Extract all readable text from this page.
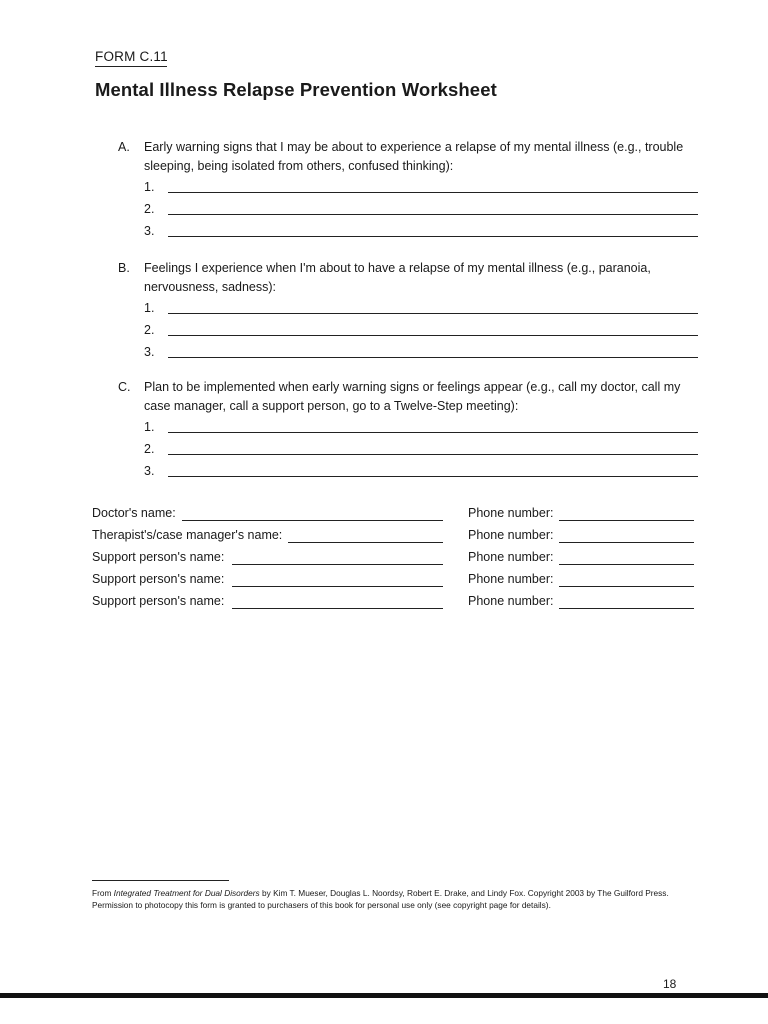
FORM C.11
Mental Illness Relapse Prevention Worksheet
A. Early warning signs that I may be about to experience a relapse of my mental illness (e.g., trouble sleeping, being isolated from others, confused thinking):
1.
2.
3.
B. Feelings I experience when I'm about to have a relapse of my mental illness (e.g., paranoia, nervousness, sadness):
1.
2.
3.
C. Plan to be implemented when early warning signs or feelings appear (e.g., call my doctor, call my case manager, call a support person, go to a Twelve-Step meeting):
1.
2.
3.
Doctor's name:	Phone number:
Therapist's/case manager's name:	Phone number:
Support person's name:	Phone number:
Support person's name:	Phone number:
Support person's name:	Phone number:
From Integrated Treatment for Dual Disorders by Kim T. Mueser, Douglas L. Noordsy, Robert E. Drake, and Lindy Fox. Copyright 2003 by The Guilford Press. Permission to photocopy this form is granted to purchasers of this book for personal use only (see copyright page for details).
18
